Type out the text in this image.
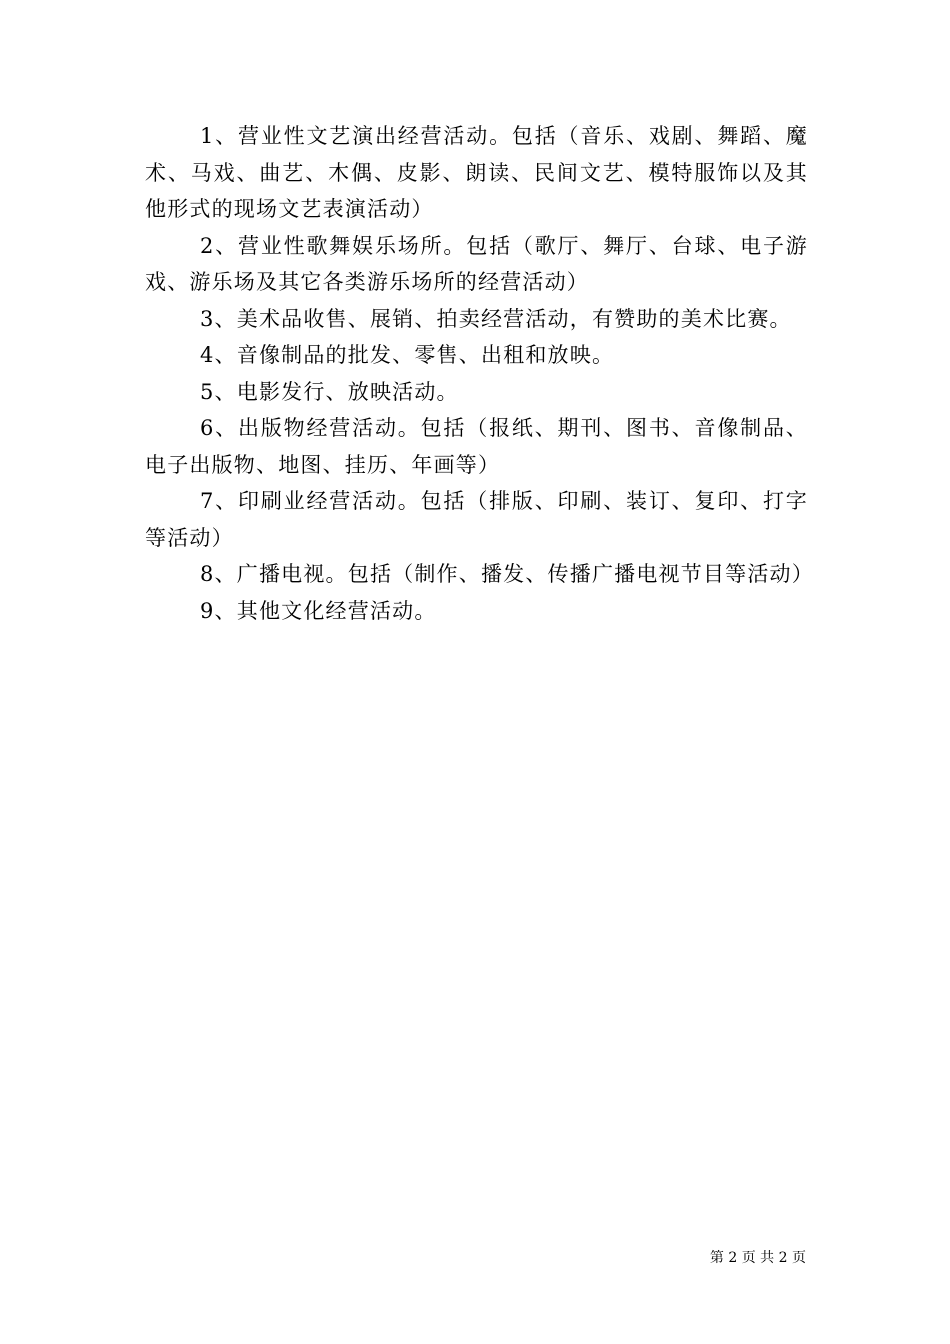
1、营业性文艺演出经营活动。包括（音乐、戏剧、舞蹈、魔术、马戏、曲艺、木偶、皮影、朗读、民间文艺、模特服饰以及其他形式的现场文艺表演活动）

2、营业性歌舞娱乐场所。包括（歌厅、舞厅、台球、电子游戏、游乐场及其它各类游乐场所的经营活动）

3、美术品收售、展销、拍卖经营活动，有赞助的美术比赛。

4、音像制品的批发、零售、出租和放映。

5、电影发行、放映活动。

6、出版物经营活动。包括（报纸、期刊、图书、音像制品、电子出版物、地图、挂历、年画等）

7、印刷业经营活动。包括（排版、印刷、装订、复印、打字等活动）

8、广播电视。包括（制作、播发、传播广播电视节目等活动）

9、其他文化经营活动。

第 2 页 共 2 页
